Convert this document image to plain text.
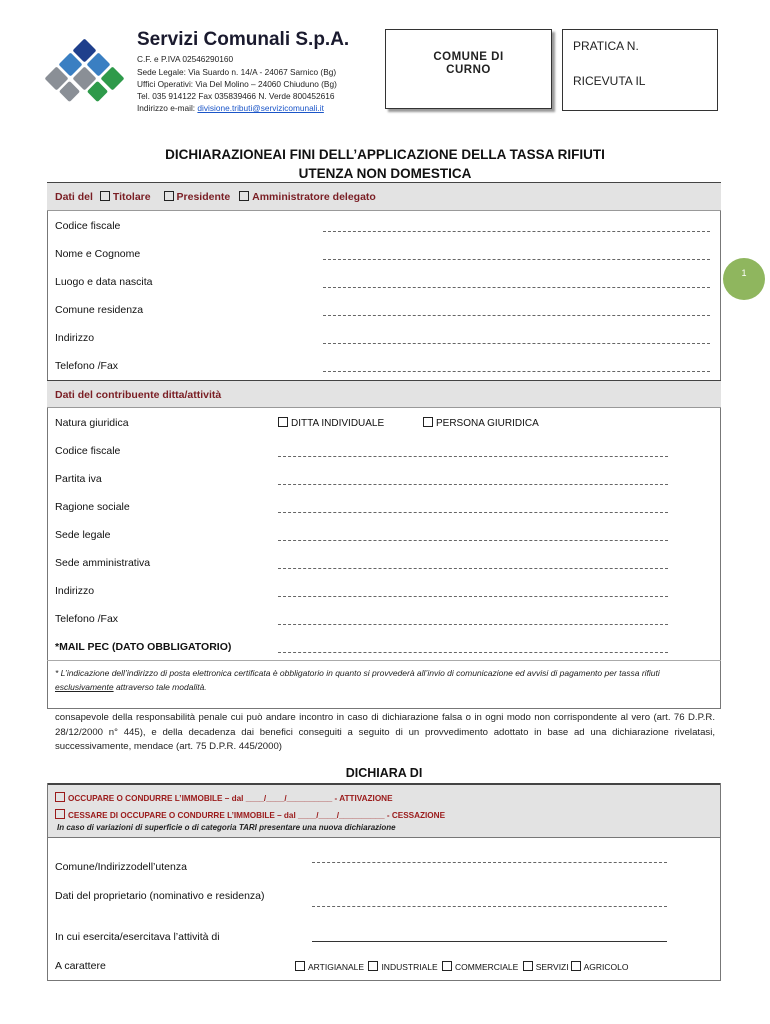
Servizi Comunali S.p.A.
C.F. e P.IVA 02546290160
Sede Legale: Via Suardo n. 14/A - 24067 Sarnico (Bg)
Uffici Operativi: Via Del Molino – 24060 Chiuduno (Bg)
Tel. 035 914122 Fax 035839466 N. Verde 800452616
Indirizzo e-mail: divisione.tributi@servizicomunali.it
COMUNE DI
CURNO
PRATICA N.
RICEVUTA IL
DICHIARAZIONEAI FINI DELL’APPLICAZIONE DELLA TASSA RIFIUTI
UTENZA NON DOMESTICA
Dati del Titolare Presidente Amministratore delegato
Codice fiscale
Nome e Cognome
Luogo e data nascita
Comune residenza
Indirizzo
Telefono /Fax
1
Dati del contribuente ditta/attività
Natura giuridica	DITTA INDIVIDUALE	PERSONA GIURIDICA
Codice fiscale
Partita iva
Ragione sociale
Sede legale
Sede amministrativa
Indirizzo
Telefono /Fax
*MAIL PEC (DATO OBBLIGATORIO)
* L’indicazione dell’indirizzo di posta elettronica certificata è obbligatorio in quanto si provvederà all’invio di comunicazione ed avvisi di pagamento per tassa rifiuti esclusivamente attraverso tale modalità.
consapevole della responsabilità penale cui può andare incontro in caso di dichiarazione falsa o in ogni modo non corrispondente al vero (art. 76 D.P.R. 28/12/2000 n° 445), e della decadenza dai benefici conseguiti a seguito di un provvedimento adottato in base ad una dichiarazione rivelatasi, successivamente, mendace (art. 75 D.P.R. 445/2000)
DICHIARA DI
OCCUPARE O CONDURRE L’IMMOBILE – dal ____/____/__________ - ATTIVAZIONE
CESSARE DI OCCUPARE O CONDURRE L’IMMOBILE – dal ____/____/__________ - CESSAZIONE
In caso di variazioni di superficie o di categoria TARI presentare una nuova dichiarazione
Comune/Indirizzodell’utenza
Dati del proprietario (nominativo e residenza)
In cui esercita/esercitava l’attività di
A carattere	ARTIGIANALE INDUSTRIALE COMMERCIALE SERVIZI AGRICOLO
